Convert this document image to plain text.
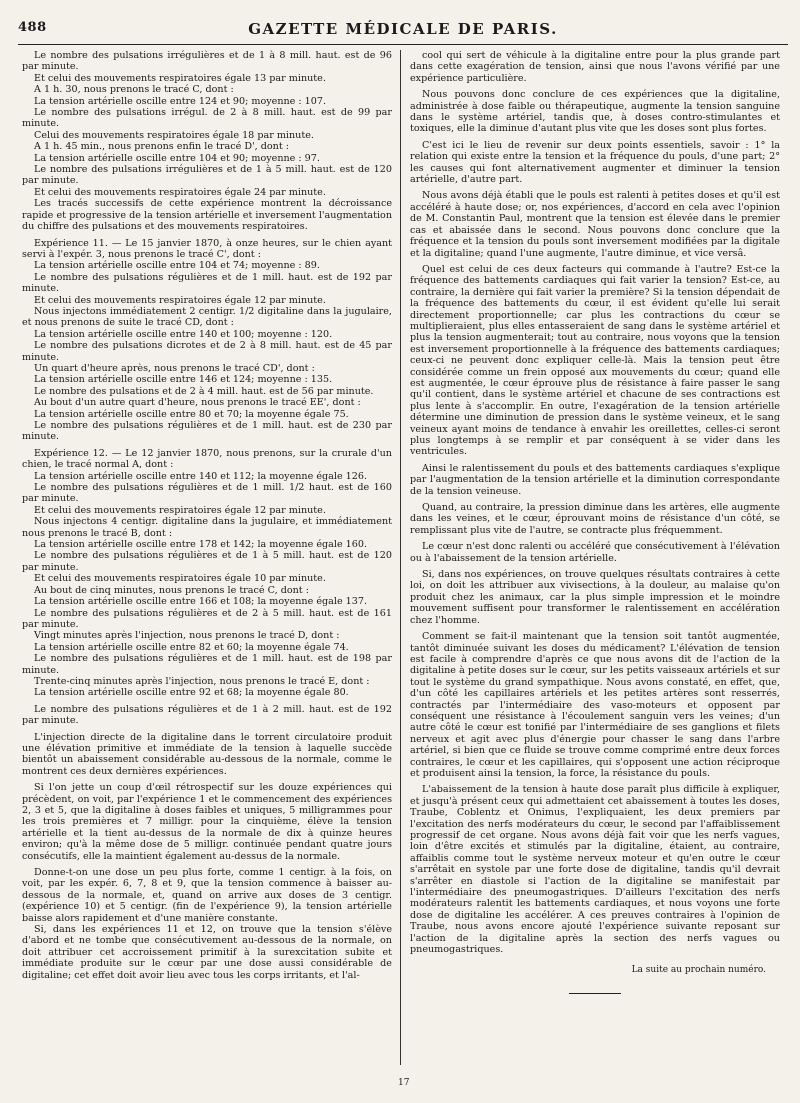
488	GAZETTE MÉDICALE DE PARIS.

Le nombre des pulsations irrégulières et de 1 à 8 mill. haut. est de 96 par minute.

Et celui des mouvements respiratoires égale 13 par minute.

A 1 h. 30, nous prenons le tracé C, dont :

La tension artérielle oscille entre 124 et 90; moyenne : 107.

Le nombre des pulsations irrégul. de 2 à 8 mill. haut. est de 99 par minute.

Celui des mouvements respiratoires égale 18 par minute.

A 1 h. 45 min., nous prenons enfin le tracé D', dont :

La tension artérielle oscille entre 104 et 90; moyenne : 97.

Le nombre des pulsations irrégulières et de 1 à 5 mill. haut. est de 120 par minute.

Et celui des mouvements respiratoires égale 24 par minute.

Les tracés successifs de cette expérience montrent la décroissance rapide et progressive de la tension artérielle et inversement l'augmentation du chiffre des pulsations et des mouvements respiratoires.

Expérience 11. — Le 15 janvier 1870, à onze heures, sur le chien ayant servi à l'expér. 3, nous prenons le tracé C', dont :

La tension artérielle oscille entre 104 et 74; moyenne : 89.

Le nombre des pulsations régulières et de 1 mill. haut. est de 192 par minute.

Et celui des mouvements respiratoires égale 12 par minute.

Nous injectons immédiatement 2 centigr. 1/2 digitaline dans la jugulaire, et nous prenons de suite le tracé CD, dont :

La tension artérielle oscille entre 140 et 100; moyenne : 120.

Le nombre des pulsations dicrotes et de 2 à 8 mill. haut. est de 45 par minute.

Un quart d'heure après, nous prenons le tracé CD', dont :

La tension artérielle oscille entre 146 et 124; moyenne : 135.

Le nombre des pulsations et de 2 à 4 mill. haut. est de 56 par minute.

Au bout d'un autre quart d'heure, nous prenons le tracé EE', dont :

La tension artérielle oscille entre 80 et 70; la moyenne égale 75.

Le nombre des pulsations régulières et de 1 mill. haut. est de 230 par minute.

Expérience 12. — Le 12 janvier 1870, nous prenons, sur la crurale d'un chien, le tracé normal A, dont :

La tension artérielle oscille entre 140 et 112; la moyenne égale 126.

Le nombre des pulsations régulières et de 1 mill. 1/2 haut. est de 160 par minute.

Et celui des mouvements respiratoires égale 12 par minute.

Nous injectons 4 centigr. digitaline dans la jugulaire, et immédiatement nous prenons le tracé B, dont :

La tension artérielle oscille entre 178 et 142; la moyenne égale 160.

Le nombre des pulsations régulières et de 1 à 5 mill. haut. est de 120 par minute.

Et celui des mouvements respiratoires égale 10 par minute.

Au bout de cinq minutes, nous prenons le tracé C, dont :

La tension artérielle oscille entre 166 et 108; la moyenne égale 137.

Le nombre des pulsations régulières et de 2 à 5 mill. haut. est de 161 par minute.

Vingt minutes après l'injection, nous prenons le tracé D, dont :

La tension artérielle oscille entre 82 et 60; la moyenne égale 74.

Le nombre des pulsations régulières et de 1 mill. haut. est de 198 par minute.

Trente-cinq minutes après l'injection, nous prenons le tracé E, dont :

La tension artérielle oscille entre 92 et 68; la moyenne égale 80.

Le nombre des pulsations régulières et de 1 à 2 mill. haut. est de 192 par minute.

L'injection directe de la digitaline dans le torrent circulatoire produit une élévation primitive et immédiate de la tension à laquelle succède bientôt un abaissement considérable au-dessous de la normale, comme le montrent ces deux dernières expériences.

Si l'on jette un coup d'œil rétrospectif sur les douze expériences qui précèdent, on voit, par l'expérience 1 et le commencement des expériences 2, 3 et 5, que la digitaline à doses faibles et uniques, 5 milligrammes pour les trois premières et 7 milligr. pour la cinquième, élève la tension artérielle et la tient au-dessus de la normale de dix à quinze heures environ; qu'à la même dose de 5 milligr. continuée pendant quatre jours consécutifs, elle la maintient également au-dessus de la normale.

Donne-t-on une dose un peu plus forte, comme 1 centigr. à la fois, on voit, par les expér. 6, 7, 8 et 9, que la tension commence à baisser au-dessous de la normale, et, quand on arrive aux doses de 3 centigr. (expérience 10) et 5 centigr. (fin de l'expérience 9), la tension artérielle baisse alors rapidement et d'une manière constante.

Si, dans les expériences 11 et 12, on trouve que la tension s'élève d'abord et ne tombe que consécutivement au-dessous de la normale, on doit attribuer cet accroissement primitif à la surexcitation subite et immédiate produite sur le cœur par une dose aussi considérable de digitaline; cet effet doit avoir lieu avec tous les corps irritants, et l'al-

cool qui sert de véhicule à la digitaline entre pour la plus grande part dans cette exagération de tension, ainsi que nous l'avons vérifié par une expérience particulière.

Nous pouvons donc conclure de ces expériences que la digitaline, administrée à dose faible ou thérapeutique, augmente la tension sanguine dans le système artériel, tandis que, à doses contro-stimulantes et toxiques, elle la diminue d'autant plus vite que les doses sont plus fortes.

C'est ici le lieu de revenir sur deux points essentiels, savoir : 1° la relation qui existe entre la tension et la fréquence du pouls, d'une part; 2° les causes qui font alternativement augmenter et diminuer la tension artérielle, d'autre part.

Nous avons déjà établi que le pouls est ralenti à petites doses et qu'il est accéléré à haute dose; or, nos expériences, d'accord en cela avec l'opinion de M. Constantin Paul, montrent que la tension est élevée dans le premier cas et abaissée dans le second. Nous pouvons donc conclure que la fréquence et la tension du pouls sont inversement modifiées par la digitale et la digitaline; quand l'une augmente, l'autre diminue, et vice versâ.

Quel est celui de ces deux facteurs qui commande à l'autre? Est-ce la fréquence des battements cardiaques qui fait varier la tension? Est-ce, au contraire, la dernière qui fait varier la première? Si la tension dépendait de la fréquence des battements du cœur, il est évident qu'elle lui serait directement proportionnelle; car plus les contractions du cœur se multiplieraient, plus elles entasseraient de sang dans le système artériel et plus la tension augmenterait; tout au contraire, nous voyons que la tension est inversement proportionnelle à la fréquence des battements cardiaques; ceux-ci ne peuvent donc expliquer celle-là. Mais la tension peut être considérée comme un frein opposé aux mouvements du cœur; quand elle est augmentée, le cœur éprouve plus de résistance à faire passer le sang qu'il contient, dans le système artériel et chacune de ses contractions est plus lente à s'accomplir. En outre, l'exagération de la tension artérielle détermine une diminution de pression dans le système veineux, et le sang veineux ayant moins de tendance à envahir les oreillettes, celles-ci seront plus longtemps à se remplir et par conséquent à se vider dans les ventricules.

Ainsi le ralentissement du pouls et des battements cardiaques s'explique par l'augmentation de la tension artérielle et la diminution correspondante de la tension veineuse.

Quand, au contraire, la pression diminue dans les artères, elle augmente dans les veines, et le cœur, éprouvant moins de résistance d'un côté, se remplissant plus vite de l'autre, se contracte plus fréquemment.

Le cœur n'est donc ralenti ou accéléré que consécutivement à l'élévation ou à l'abaissement de la tension artérielle.

Si, dans nos expériences, on trouve quelques résultats contraires à cette loi, on doit les attribuer aux vivisections, à la douleur, au malaise qu'on produit chez les animaux, car la plus simple impression et le moindre mouvement suffisent pour transformer le ralentissement en accélération chez l'homme.

Comment se fait-il maintenant que la tension soit tantôt augmentée, tantôt diminuée suivant les doses du médicament? L'élévation de tension est facile à comprendre d'après ce que nous avons dit de l'action de la digitaline à petite doses sur le cœur, sur les petits vaisseaux artériels et sur tout le système du grand sympathique. Nous avons constaté, en effet, que, d'un côté les capillaires artériels et les petites artères sont resserrés, contractés par l'intermédiaire des vaso-moteurs et opposent par conséquent une résistance à l'écoulement sanguin vers les veines; d'un autre côté le cœur est tonifié par l'intermédiaire de ses ganglions et filets nerveux et agit avec plus d'énergie pour chasser le sang dans l'arbre artériel, si bien que ce fluide se trouve comme comprimé entre deux forces contraires, le cœur et les capillaires, qui s'opposent une action réciproque et produisent ainsi la tension, la force, la résistance du pouls.

L'abaissement de la tension à haute dose paraît plus difficile à expliquer, et jusqu'à présent ceux qui admettaient cet abaissement à toutes les doses, Traube, Coblentz et Onimus, l'expliquaient, les deux premiers par l'excitation des nerfs modérateurs du cœur, le second par l'affaiblissement progressif de cet organe. Nous avons déjà fait voir que les nerfs vagues, loin d'être excités et stimulés par la digitaline, étaient, au contraire, affaiblis comme tout le système nerveux moteur et qu'en outre le cœur s'arrêtait en systole par une forte dose de digitaline, tandis qu'il devrait s'arrêter en diastole si l'action de la digitaline se manifestait par l'intermédiaire des pneumogastriques. D'ailleurs l'excitation des nerfs modérateurs ralentit les battements cardiaques, et nous voyons une forte dose de digitaline les accélérer. A ces preuves contraires à l'opinion de Traube, nous avons encore ajouté l'expérience suivante reposant sur l'action de la digitaline après la section des nerfs vagues ou pneumogastriques.

La suite au prochain numéro.
17
